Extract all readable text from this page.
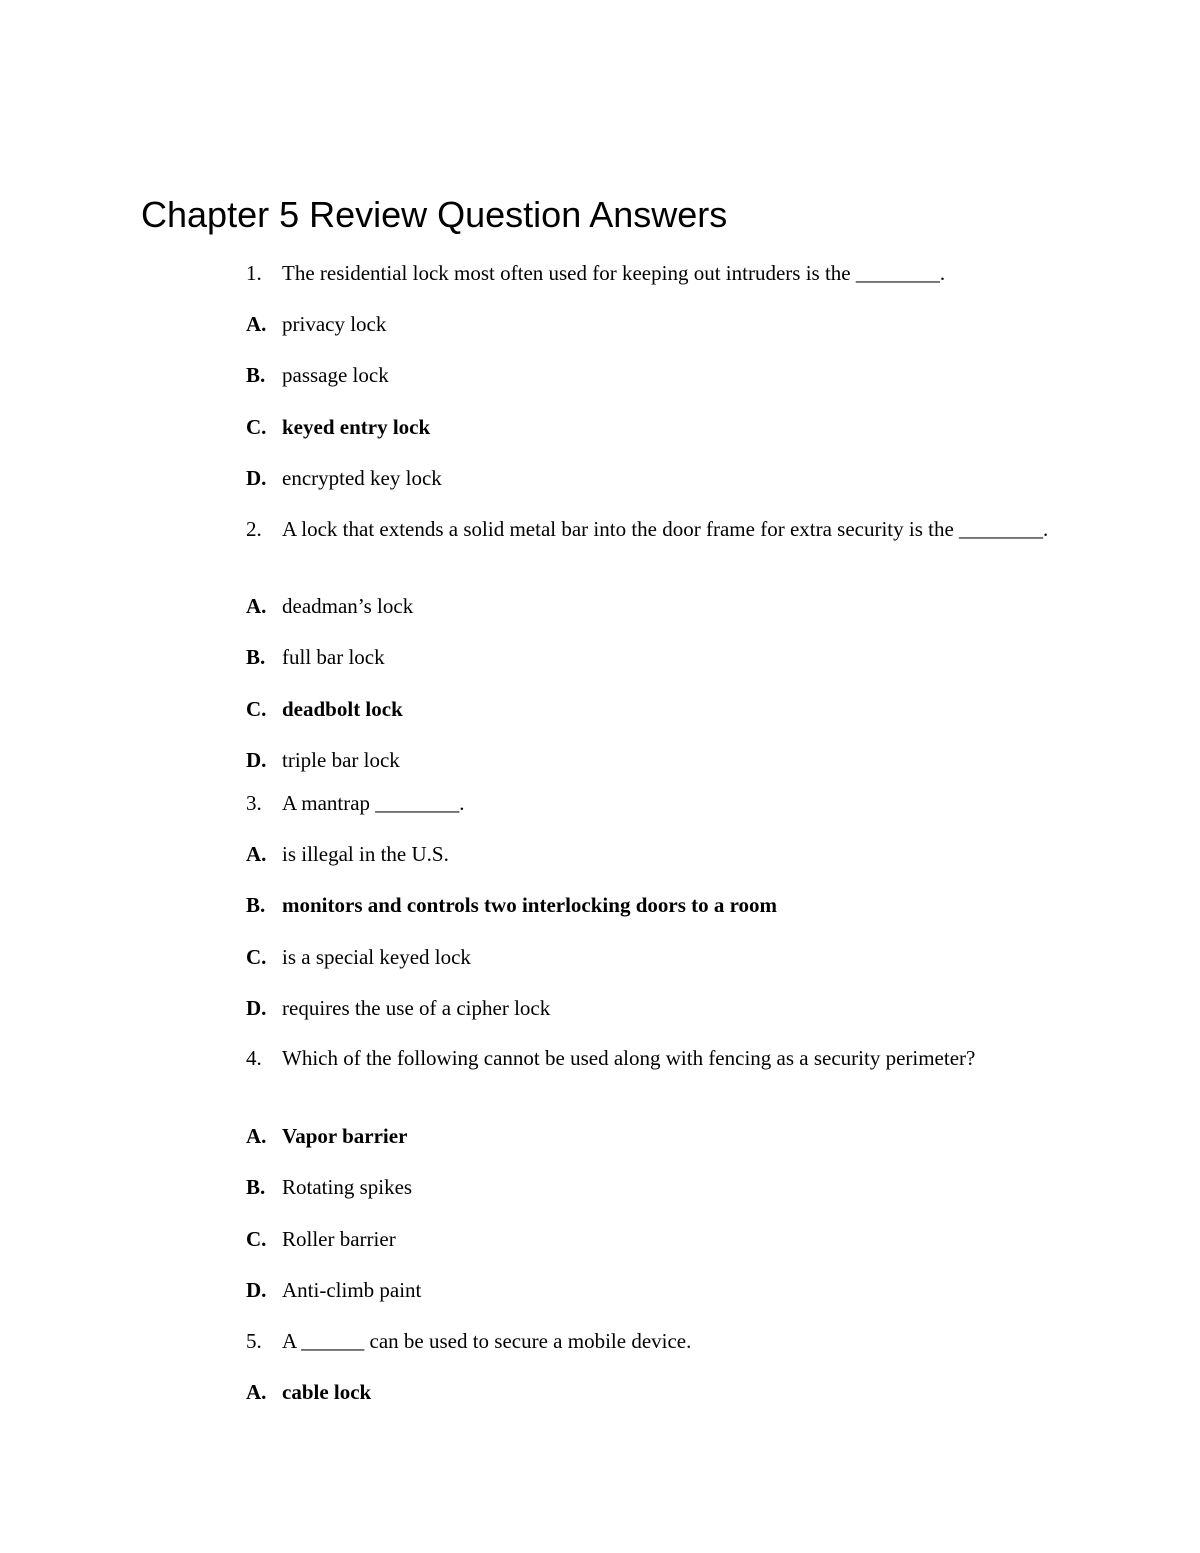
Chapter 5 Review Question Answers
1. The residential lock most often used for keeping out intruders is the ________.
A. privacy lock
B. passage lock
C. keyed entry lock
D. encrypted key lock
2. A lock that extends a solid metal bar into the door frame for extra security is the ________.
A. deadman’s lock
B. full bar lock
C. deadbolt lock
D. triple bar lock
3. A mantrap ________.
A. is illegal in the U.S.
B. monitors and controls two interlocking doors to a room
C. is a special keyed lock
D. requires the use of a cipher lock
4. Which of the following cannot be used along with fencing as a security perimeter?
A. Vapor barrier
B. Rotating spikes
C. Roller barrier
D. Anti-climb paint
5. A ______ can be used to secure a mobile device.
A. cable lock
